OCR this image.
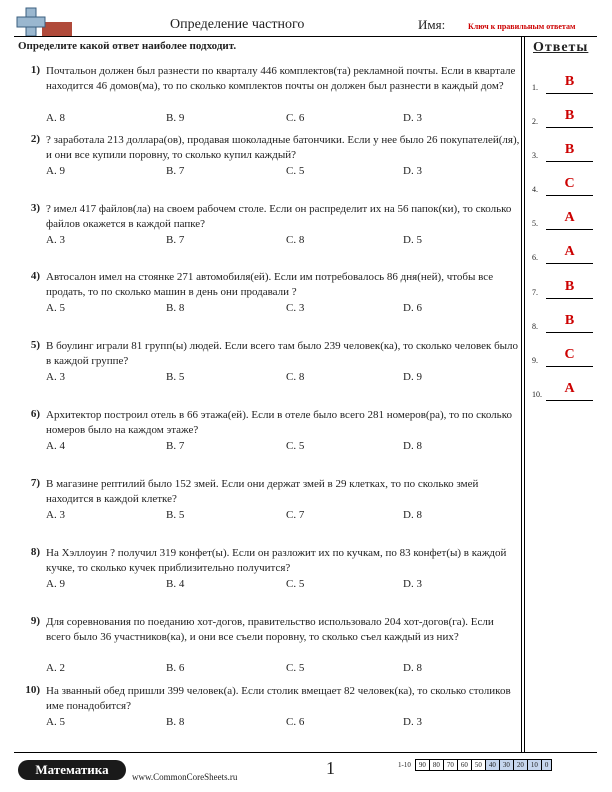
Определение частного	Имя:	Ключ к правильным ответам
Определите какой ответ наиболее подходит.	Ответы
1) Почтальон должен был разнести по кварталу 446 комплектов(та) рекламной почты. Если в квартале находится 46 домов(ма), то по сколько комплектов почты он должен был разнести в каждый дом?
A. 8	B. 9	C. 6	D. 3
2) ? заработала 213 доллара(ов), продавая шоколадные батончики. Если у нее было 26 покупателей(ля), и они все купили поровну, то сколько купил каждый?
A. 9	B. 7	C. 5	D. 3
3) ? имел 417 файлов(ла) на своем рабочем столе. Если он распределит их на 56 папок(ки), то сколько файлов окажется в каждой папке?
A. 3	B. 7	C. 8	D. 5
4) Автосалон имел на стоянке 271 автомобиля(ей). Если им потребовалось 86 дня(ней), чтобы все продать, то по сколько машин в день они продавали ?
A. 5	B. 8	C. 3	D. 6
5) В боулинг играли 81 групп(ы) людей. Если всего там было 239 человек(ка), то сколько человек было в каждой группе?
A. 3	B. 5	C. 8	D. 9
6) Архитектор построил отель в 66 этажа(ей). Если в отеле было всего 281 номеров(ра), то по сколько номеров было на каждом этаже?
A. 4	B. 7	C. 5	D. 8
7) В магазине рептилий было 152 змей. Если они держат змей в 29 клетках, то по сколько змей находится в каждой клетке?
A. 3	B. 5	C. 7	D. 8
8) На Хэллоуин ? получил 319 конфет(ы). Если он разложит их по кучкам, по 83 конфет(ы) в каждой кучке, то сколько кучек приблизительно получится?
A. 9	B. 4	C. 5	D. 3
9) Для соревнования по поеданию хот-догов, правительство использовало 204 хот-догов(га). Если всего было 36 участников(ка), и они все съели поровну, то сколько съел каждый из них?
A. 2	B. 6	C. 5	D. 8
10) На званный обед пришли 399 человек(а). Если столик вмещает 82 человек(ка), то сколько столиков име понадобится?
A. 5	B. 8	C. 6	D. 3
1.	B
2.	B
3.	B
4.	C
5.	A
6.	A
7.	B
8.	B
9.	C
10.	A
Математика	www.CommonCoreSheets.ru	1	1-10	90	80	70	60	50	40	30	20	10	0
